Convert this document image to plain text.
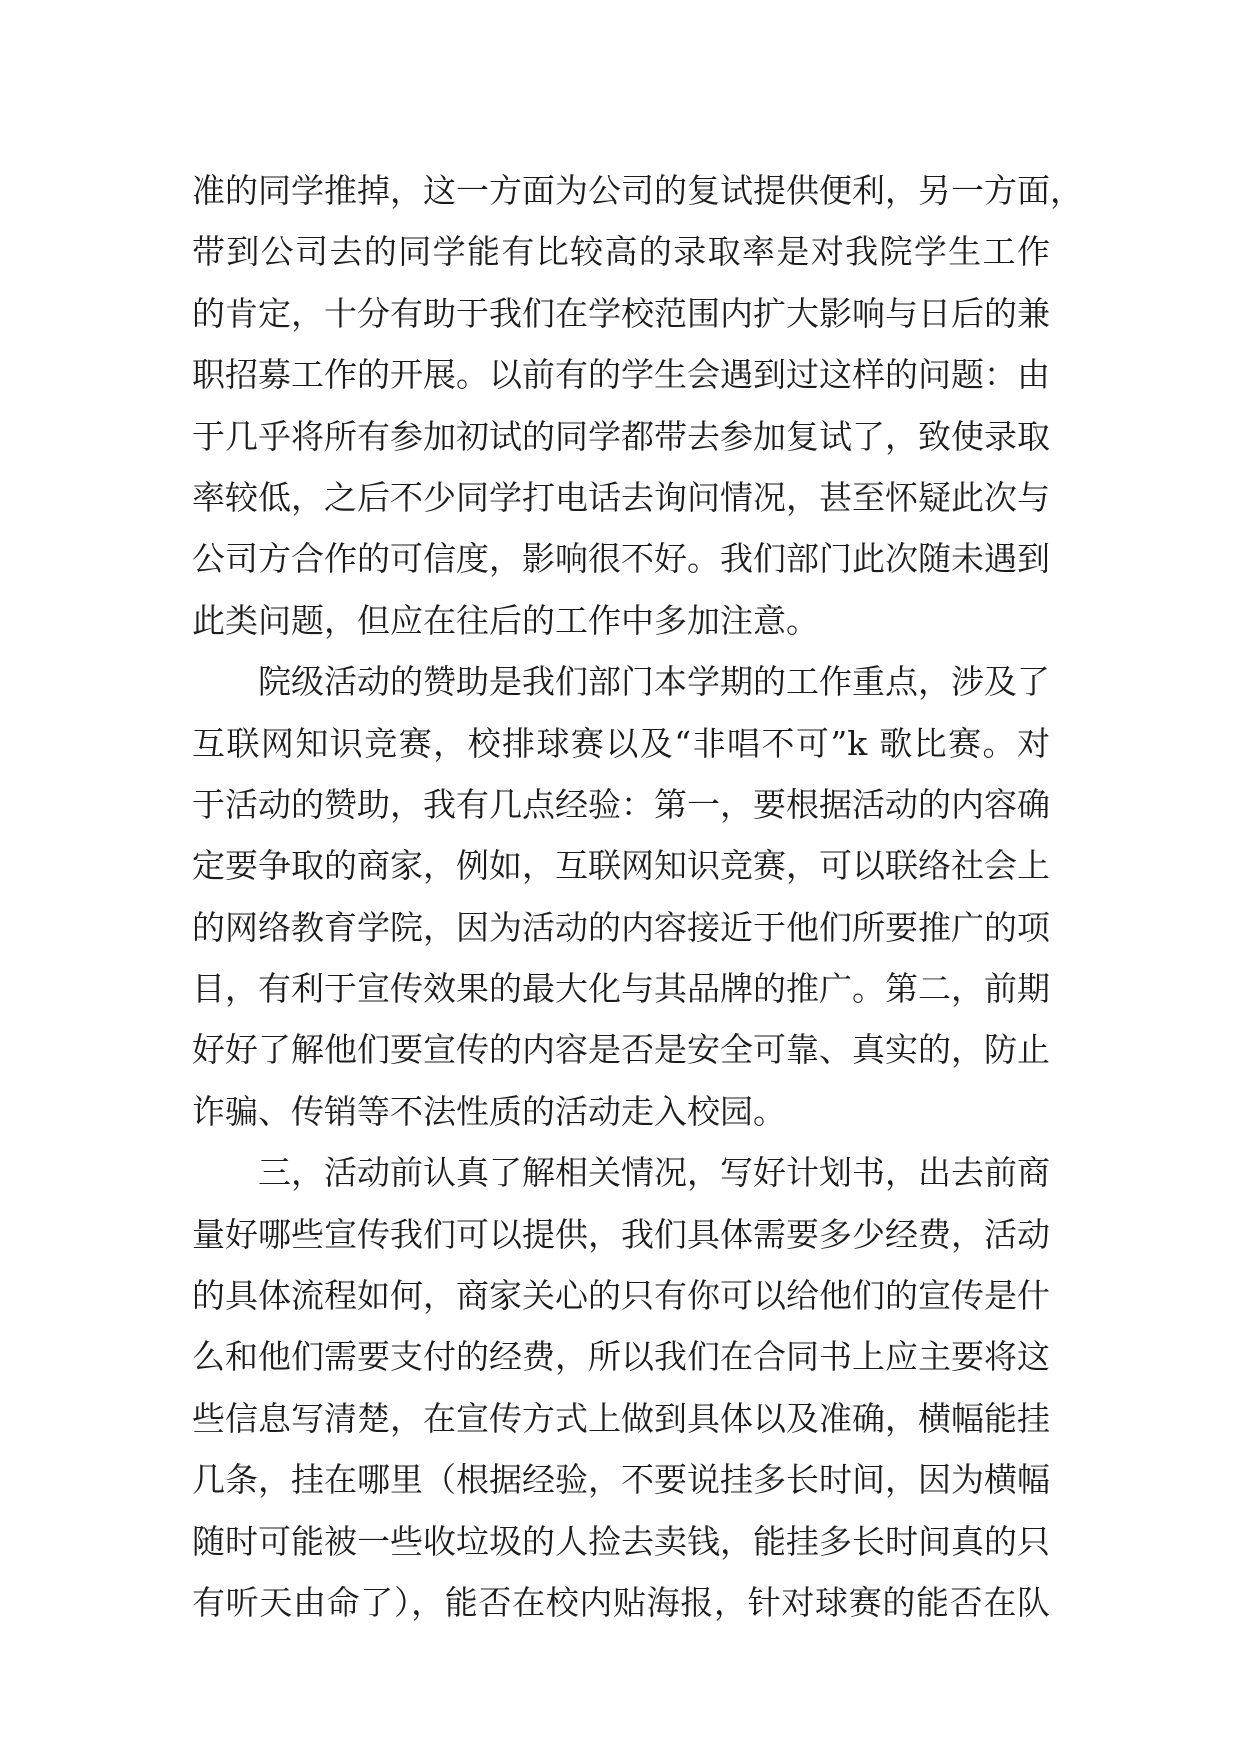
准的同学推掉，这一方面为公司的复试提供便利，另一方面，
带到公司去的同学能有比较高的录取率是对我院学生工作
的肯定，十分有助于我们在学校范围内扩大影响与日后的兼
职招募工作的开展。以前有的学生会遇到过这样的问题：由
于几乎将所有参加初试的同学都带去参加复试了，致使录取
率较低，之后不少同学打电话去询问情况，甚至怀疑此次与
公司方合作的可信度，影响很不好。我们部门此次随未遇到
此类问题，但应在往后的工作中多加注意。
院级活动的赞助是我们部门本学期的工作重点，涉及了
互联网知识竞赛，校排球赛以及“非唱不可”k 歌比赛。对
于活动的赞助，我有几点经验：第一，要根据活动的内容确
定要争取的商家，例如，互联网知识竞赛，可以联络社会上
的网络教育学院，因为活动的内容接近于他们所要推广的项
目，有利于宣传效果的最大化与其品牌的推广。第二，前期
好好了解他们要宣传的内容是否是安全可靠、真实的，防止
诈骗、传销等不法性质的活动走入校园。
三，活动前认真了解相关情况，写好计划书，出去前商
量好哪些宣传我们可以提供，我们具体需要多少经费，活动
的具体流程如何，商家关心的只有你可以给他们的宣传是什
么和他们需要支付的经费，所以我们在合同书上应主要将这
些信息写清楚，在宣传方式上做到具体以及准确，横幅能挂
几条，挂在哪里（根据经验，不要说挂多长时间，因为横幅
随时可能被一些收垃圾的人捡去卖钱，能挂多长时间真的只
有听天由命了），能否在校内贴海报，针对球赛的能否在队
